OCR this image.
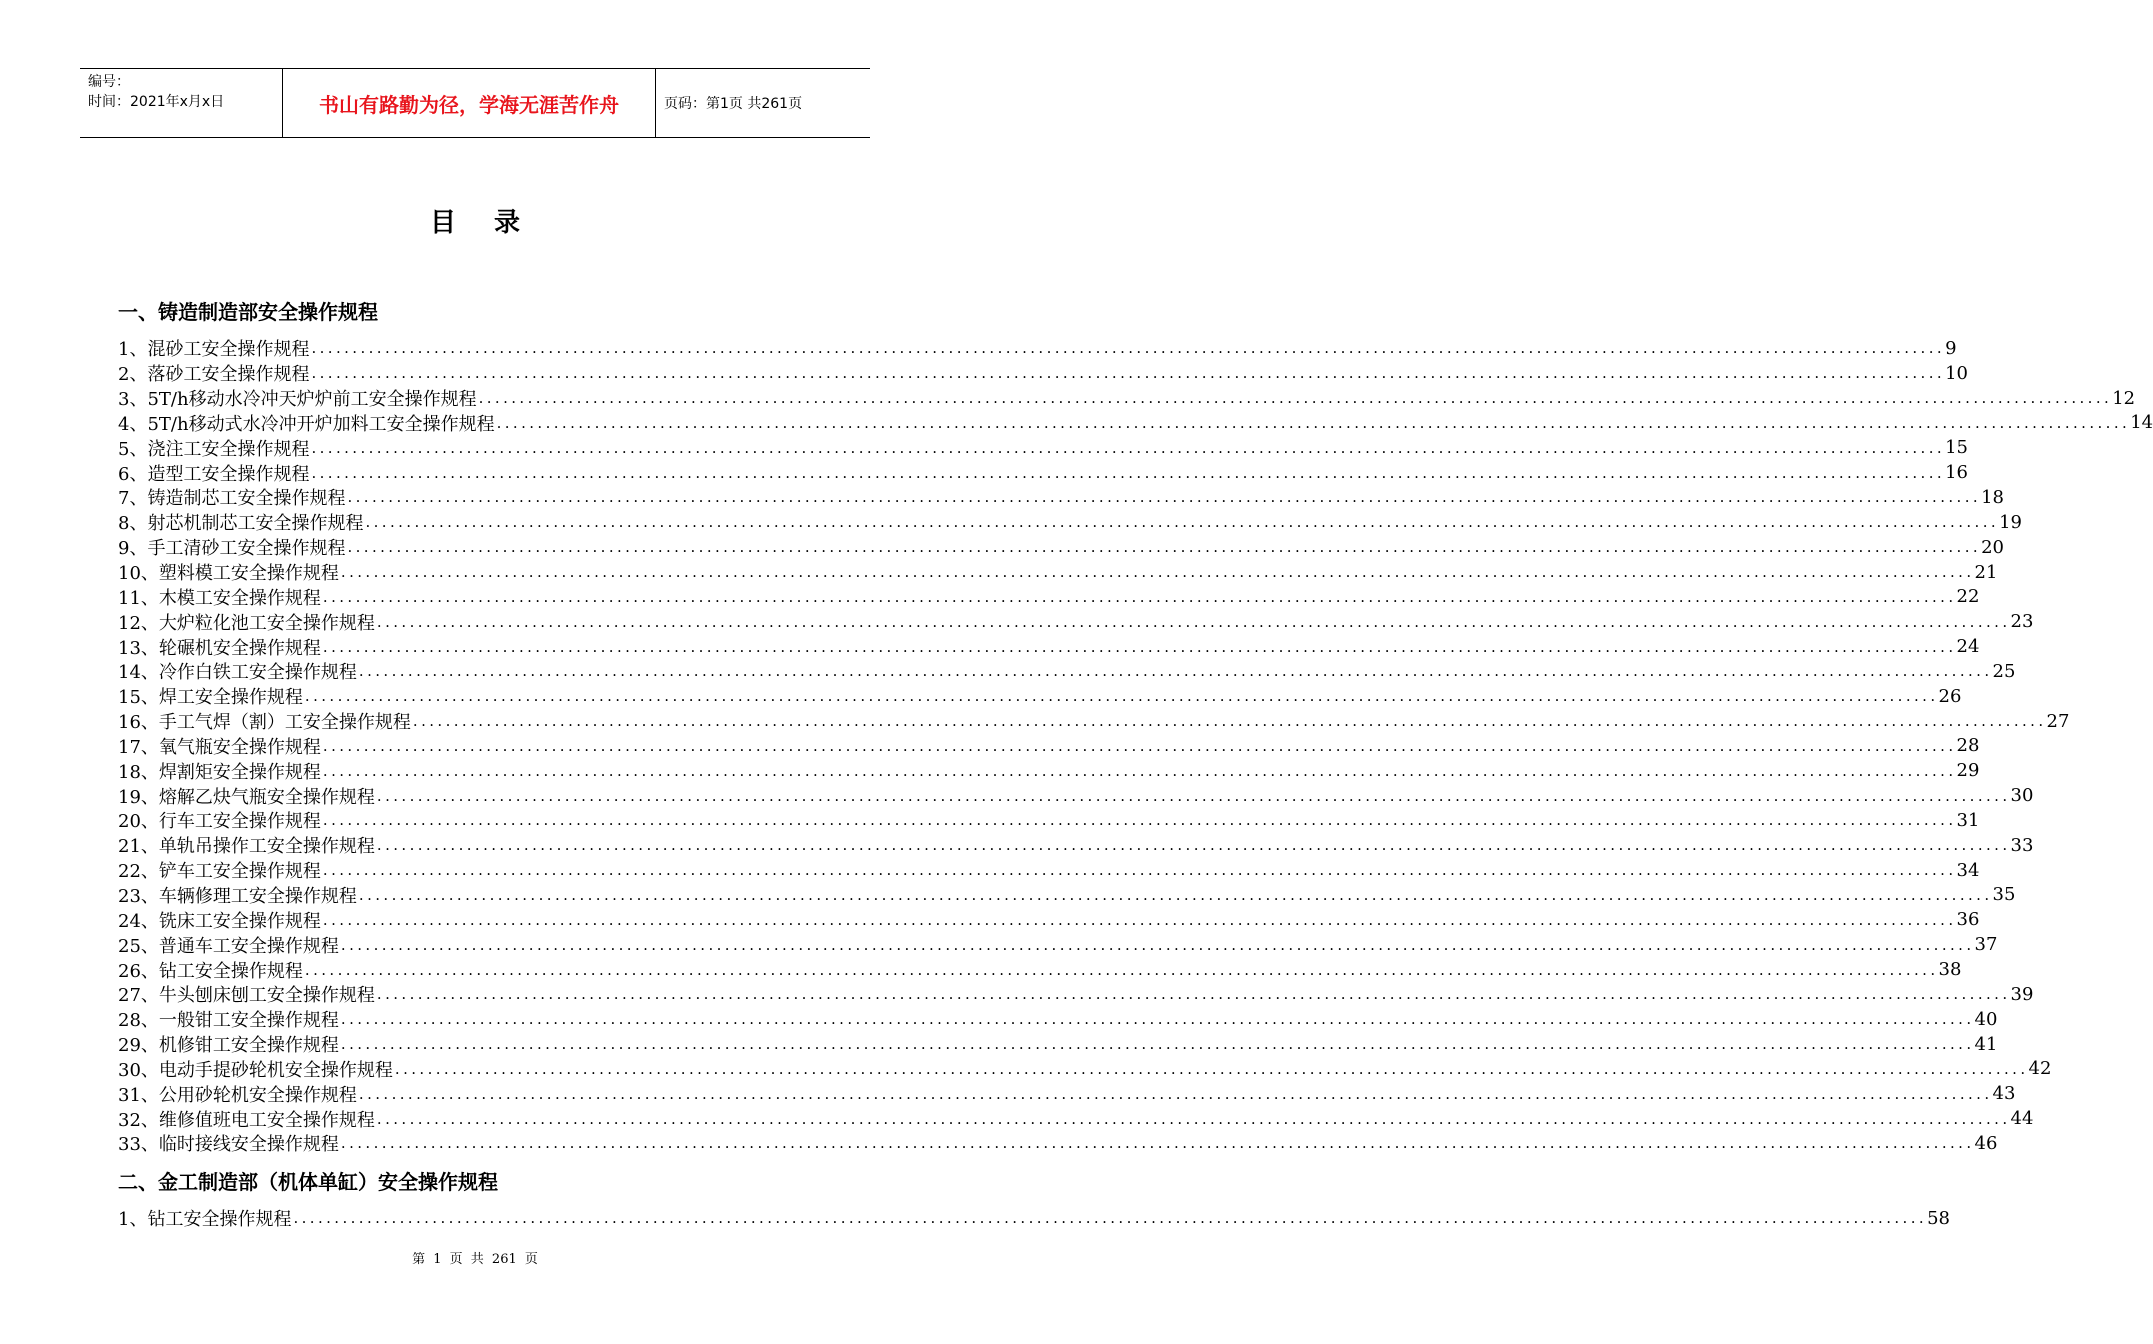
编号：
时间：2021年x月x日	书山有路勤为径，学海无涯苦作舟	页码：第1页 共261页
目录
一、铸造制造部安全操作规程
1、混砂工安全操作规程 ........................................................................................................................................................................................................ 9
2、落砂工安全操作规程 ........................................................................................................................................................................................................ 10
3、5T/h移动水冷冲天炉炉前工安全操作规程 ........................................................................................................................................................................................................ 12
4、5T/h移动式水冷冲开炉加料工安全操作规程 ........................................................................................................................................................................................................ 14
5、浇注工安全操作规程 ........................................................................................................................................................................................................ 15
6、造型工安全操作规程 ........................................................................................................................................................................................................ 16
7、铸造制芯工安全操作规程 ........................................................................................................................................................................................................ 18
8、射芯机制芯工安全操作规程 ........................................................................................................................................................................................................ 19
9、手工清砂工安全操作规程 ........................................................................................................................................................................................................ 20
10、塑料模工安全操作规程 ........................................................................................................................................................................................................ 21
11、木模工安全操作规程 ........................................................................................................................................................................................................ 22
12、大炉粒化池工安全操作规程 ........................................................................................................................................................................................................ 23
13、轮碾机安全操作规程 ........................................................................................................................................................................................................ 24
14、冷作白铁工安全操作规程 ........................................................................................................................................................................................................ 25
15、焊工安全操作规程 ........................................................................................................................................................................................................ 26
16、手工气焊（割）工安全操作规程 ........................................................................................................................................................................................................ 27
17、氧气瓶安全操作规程 ........................................................................................................................................................................................................ 28
18、焊割矩安全操作规程 ........................................................................................................................................................................................................ 29
19、熔解乙炔气瓶安全操作规程 ........................................................................................................................................................................................................ 30
20、行车工安全操作规程 ........................................................................................................................................................................................................ 31
21、单轨吊操作工安全操作规程 ........................................................................................................................................................................................................ 33
22、铲车工安全操作规程 ........................................................................................................................................................................................................ 34
23、车辆修理工安全操作规程 ........................................................................................................................................................................................................ 35
24、铣床工安全操作规程 ........................................................................................................................................................................................................ 36
25、普通车工安全操作规程 ........................................................................................................................................................................................................ 37
26、钻工安全操作规程 ........................................................................................................................................................................................................ 38
27、牛头刨床刨工安全操作规程 ........................................................................................................................................................................................................ 39
28、一般钳工安全操作规程 ........................................................................................................................................................................................................ 40
29、机修钳工安全操作规程 ........................................................................................................................................................................................................ 41
30、电动手提砂轮机安全操作规程 ........................................................................................................................................................................................................ 42
31、公用砂轮机安全操作规程 ........................................................................................................................................................................................................ 43
32、维修值班电工安全操作规程 ........................................................................................................................................................................................................ 44
33、临时接线安全操作规程 ........................................................................................................................................................................................................ 46
二、金工制造部（机体单缸）安全操作规程
1、钻工安全操作规程 ........................................................................................................................................................................................................ 58
第 1 页 共 261 页
